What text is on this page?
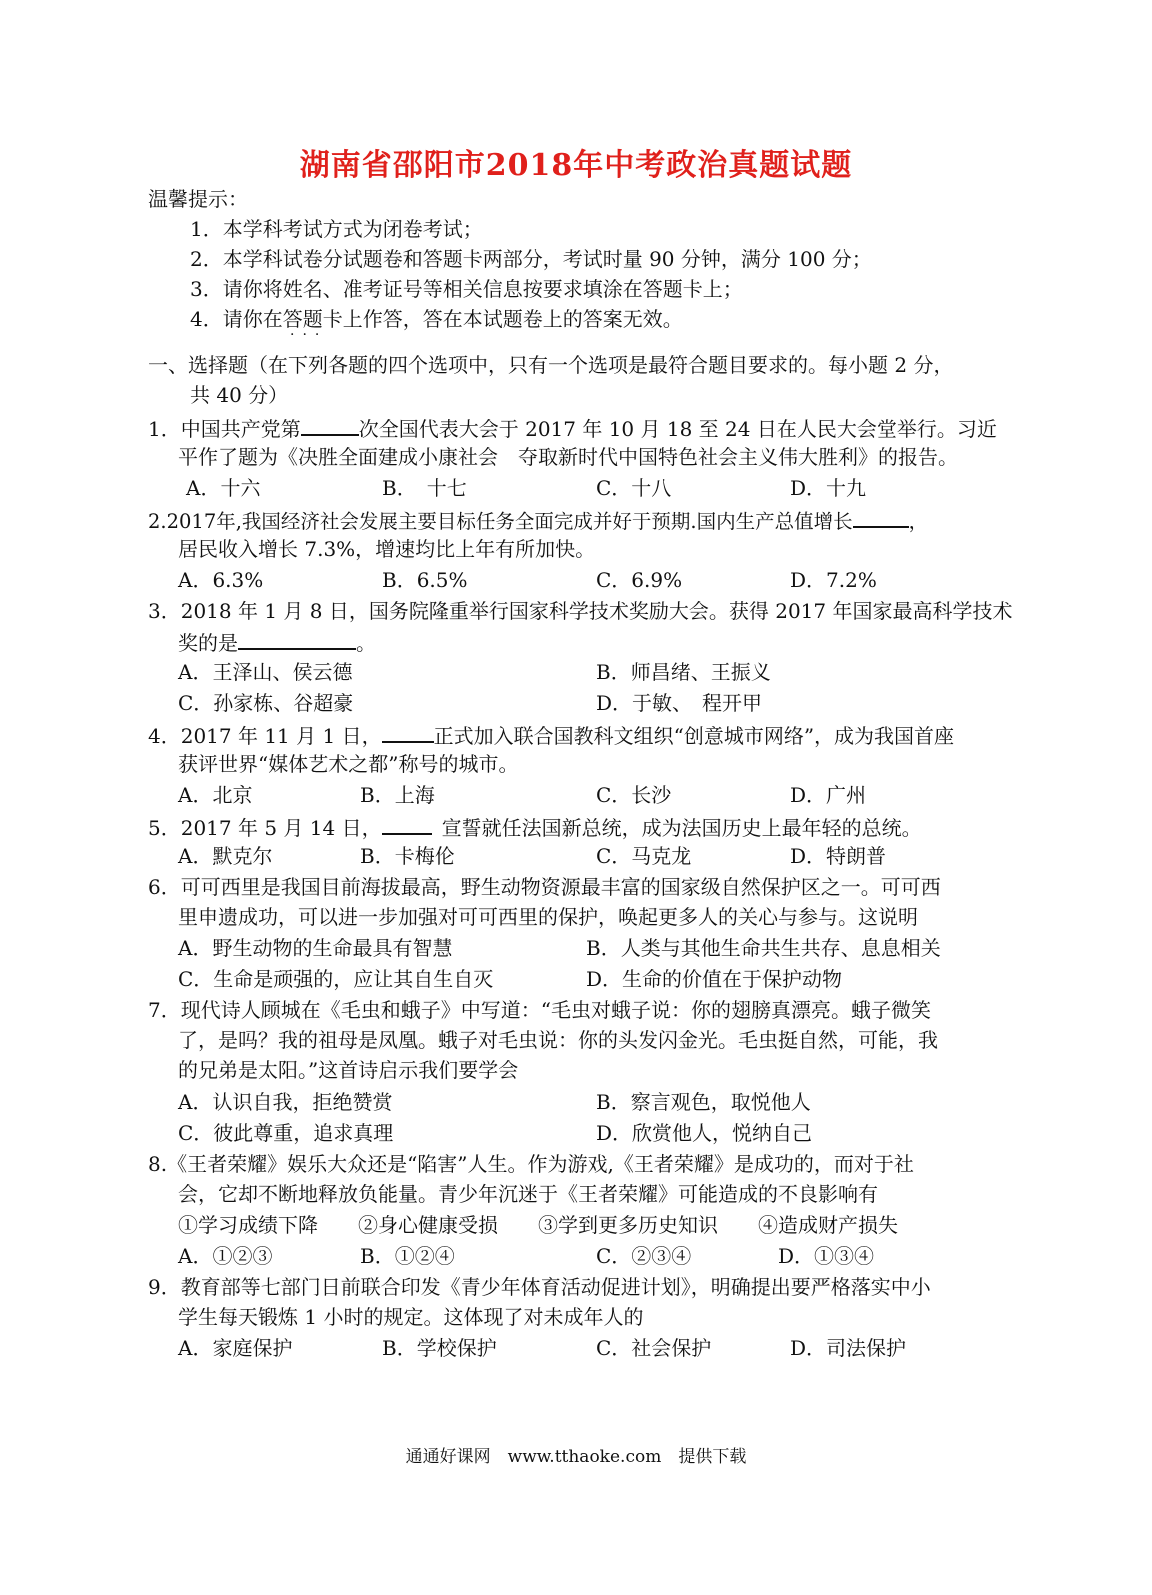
湖南省邵阳市2018年中考政治真题试题
温馨提示：
1．本学科考试方式为闭卷考试；
2．本学科试卷分试题卷和答题卡两部分，考试时量 90 分钟，满分 100 分；
3．请你将姓名、准考证号等相关信息按要求填涂在答题卡上；
4．请你在答题卡上作答，答在本试题卷上的答案无效。
···
一、选择题（在下列各题的四个选项中，只有一个选项是最符合题目要求的。每小题 2 分，
共 40 分）
1．中国共产党第	次全国代表大会于 2017 年 10 月 18 至 24 日在人民大会堂举行。习近
平作了题为《决胜全面建成小康社会　夺取新时代中国特色社会主义伟大胜利》的报告。
A．十六	B．　十七	C．十八	D．十九
2.2017年,我国经济社会发展主要目标任务全面完成并好于预期.国内生产总值增长	，
居民收入增长 7.3%，增速均比上年有所加快。
A．6.3%	B．6.5%	C．6.9%	D．7.2%
3．2018 年 1 月 8 日，国务院隆重举行国家科学技术奖励大会。获得 2017 年国家最高科学技术
奖的是	。
A．王泽山、侯云德	B．师昌绪、王振义
C．孙家栋、谷超豪	D．于敏、　程开甲
4．2017 年 11 月 1 日，	正式加入联合国教科文组织“创意城市网络”，成为我国首座
获评世界“媒体艺术之都”称号的城市。
A．北京	B．上海	C．长沙	D．广州
5．2017 年 5 月 14 日，	宣誓就任法国新总统，成为法国历史上最年轻的总统。
A．默克尔	B．卡梅伦	C．马克龙	D．特朗普
6．可可西里是我国目前海拔最高，野生动物资源最丰富的国家级自然保护区之一。可可西
里申遗成功，可以进一步加强对可可西里的保护，唤起更多人的关心与参与。这说明
A．野生动物的生命最具有智慧	B．人类与其他生命共生共存、息息相关
C．生命是顽强的，应让其自生自灭	D．生命的价值在于保护动物
7．现代诗人顾城在《毛虫和蛾子》中写道：“毛虫对蛾子说：你的翅膀真漂亮。蛾子微笑
了，是吗？我的祖母是凤凰。蛾子对毛虫说：你的头发闪金光。毛虫挺自然，可能，我
的兄弟是太阳。”这首诗启示我们要学会
A．认识自我，拒绝赞赏	B．察言观色，取悦他人
C．彼此尊重，追求真理	D．欣赏他人，悦纳自己
8.《王者荣耀》娱乐大众还是“陷害”人生。作为游戏,《王者荣耀》是成功的，而对于社
会，它却不断地释放负能量。青少年沉迷于《王者荣耀》可能造成的不良影响有
①学习成绩下降　　②身心健康受损　　③学到更多历史知识　　④造成财产损失
A．①②③	B．①②④	C．②③④	D．①③④
9．教育部等七部门日前联合印发《青少年体育活动促进计划》，明确提出要严格落实中小
学生每天锻炼 1 小时的规定。这体现了对未成年人的
A．家庭保护	B．学校保护	C．社会保护	D．司法保护
通通好课网　www.tthaoke.com　提供下载
